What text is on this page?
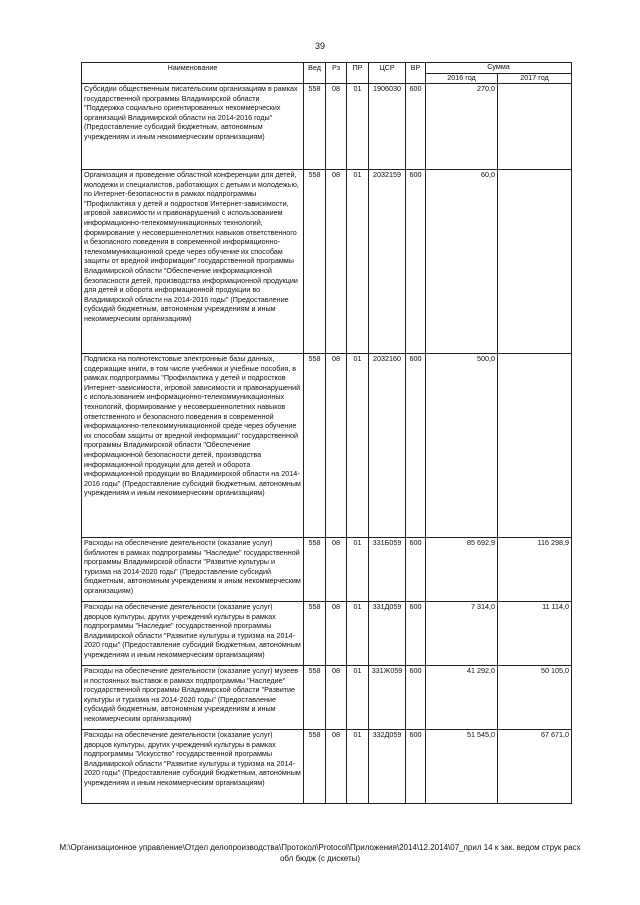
39
Наименование	Вед	Рз	ПР	ЦСР	ВР	Сумма	
						2016 год	2017 год
Субсидии общественным писательским организациям в рамках государственной программы Владимирской области "Поддержка социально ориентированных некоммерческих организаций Владимирской области на 2014-2016 годы" (Предоставление субсидий бюджетным, автономным учреждениям и иным некоммерческим организациям)	558	08	01	1906030	600	270,0	
Организация и проведение областной конференции для детей, молодежи и специалистов, работающих с детьми и молодежью, по Интернет-безопасности в рамках подпрограммы "Профилактика у детей и подростков Интернет-зависимости, игровой зависимости и правонарушений с использованием информационно-телекоммуникационных технологий, формирование у несовершеннолетних навыков ответственного и безопасного поведения в современной информационно-телекоммуникационной среде через обучение их способам защиты от вредной информации" государственной программы Владимирской области "Обеспечение информационной безопасности детей, производства информационной продукции для детей и оборота информационной продукции во Владимирской области на 2014-2016 годы" (Предоставление субсидий бюджетным, автономным учреждениям и иным некоммерческим организациям)	558	08	01	2032159	600	60,0	
Подписка на полнотекстовые электронные базы данных, содержащие книги, в том числе учебники и учебные пособия, в рамках подпрограммы "Профилактика у детей и подростков Интернет-зависимости, игровой зависимости и правонарушений с использованием информационно-телекоммуникационных технологий, формирование у несовершеннолетних навыков ответственного и безопасного поведения в современной информационно-телекоммуникационной среде через обучение их способам защиты от вредной информации" государственной программы Владимирской области "Обеспечение информационной безопасности детей, производства информационной продукции для детей и оборота информационной продукции во Владимирской области на 2014-2016 годы" (Предоставление субсидий бюджетным, автономным учреждениям и иным некоммерческим организациям)	558	08	01	2032160	600	500,0	
Расходы на обеспечение деятельности (оказание услуг) библиотек в рамках подпрограммы "Наследие" государственной программы Владимирской области "Развитие культуры и туризма на 2014-2020 годы" (Предоставление субсидий бюджетным, автономным учреждениям и иным некоммерческим организациям)	558	08	01	331Б059	600	85 692,9	116 298,9
Расходы на обеспечение деятельности (оказание услуг) дворцов культуры, других учреждений культуры в рамках подпрограммы "Наследие" государственной программы Владимирской области "Развитие культуры и туризма на 2014-2020 годы" (Предоставление субсидий бюджетным, автономным учреждениям и иным некоммерческим организациям)	558	08	01	331Д059	600	7 314,0	11 114,0
Расходы на обеспечение деятельности (оказание услуг) музеев и постоянных выставок в рамках подпрограммы "Наследие" государственной программы Владимирской области "Развитие культуры и туризма на 2014-2020 годы" (Предоставление субсидий бюджетным, автономным учреждениям и иным некоммерческим организациям)	558	08	01	331Ж059	600	41 292,0	50 105,0
Расходы на обеспечение деятельности (оказание услуг) дворцов культуры, других учреждений культуры в рамках подпрограммы "Искусство" государственной программы Владимирской области "Развитие культуры и туризма на 2014-2020 годы" (Предоставление субсидий бюджетным, автономным учреждениям и иным некоммерческим организациям)	558	08	01	332Д059	600	51 545,0	67 671,0
М:\Организационное управление\Отдел делопроизводства\Протокол\Protocol\Приложения\2014\12.2014\07_прил 14 к зак. ведом струк расх
обл бюдж (с дискеты)
